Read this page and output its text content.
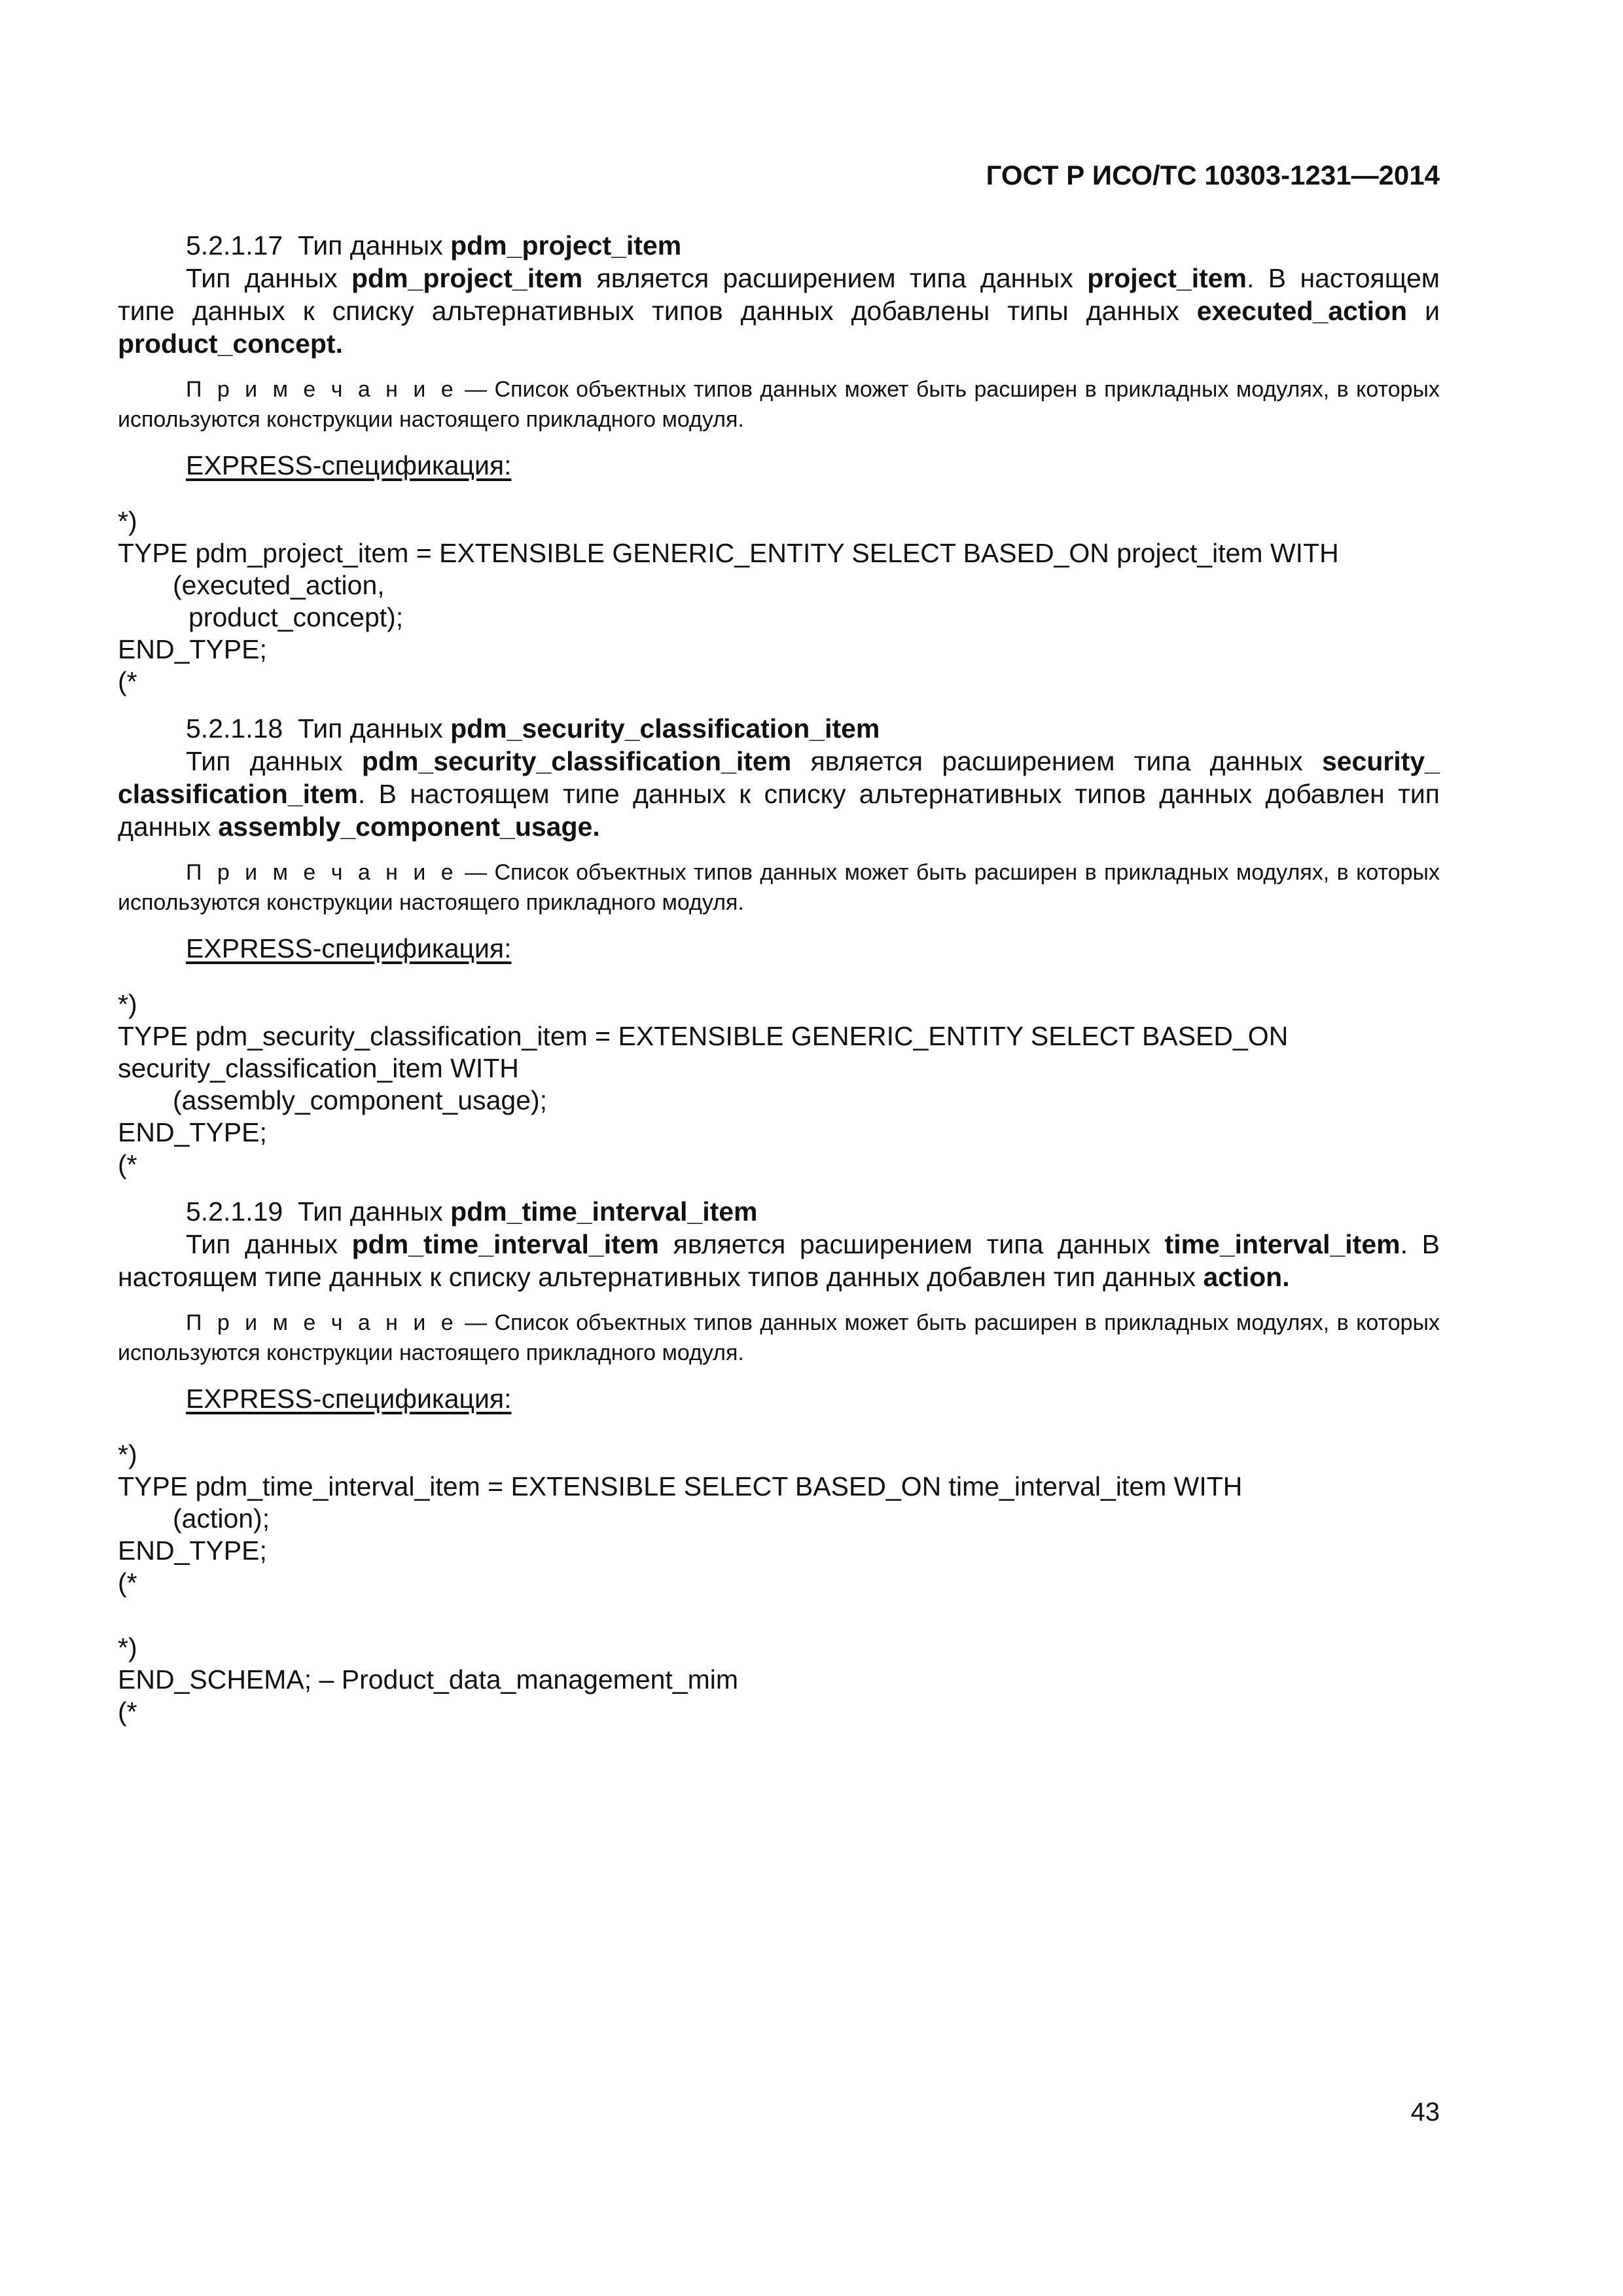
ГОСТ Р ИСО/ТС 10303-1231—2014

5.2.1.17 Тип данных pdm_project_item

Тип данных pdm_project_item является расширением типа данных project_item. В настоящем типе данных к списку альтернативных типов данных добавлены типы данных executed_action и product_concept.

П р и м е ч а н и е — Список объектных типов данных может быть расширен в прикладных модулях, в которых используются конструкции настоящего прикладного модуля.

EXPRESS-спецификация:

*)
TYPE pdm_project_item = EXTENSIBLE GENERIC_ENTITY SELECT BASED_ON project_item WITH
(executed_action,
product_concept);
END_TYPE;
(*

5.2.1.18 Тип данных pdm_security_classification_item

Тип данных pdm_security_classification_item является расширением типа данных security_ classification_item. В настоящем типе данных к списку альтернативных типов данных добавлен тип данных assembly_component_usage.

П р и м е ч а н и е — Список объектных типов данных может быть расширен в прикладных модулях, в которых используются конструкции настоящего прикладного модуля.

EXPRESS-спецификация:

*)
TYPE pdm_security_classification_item = EXTENSIBLE GENERIC_ENTITY SELECT BASED_ON
security_classification_item WITH
(assembly_component_usage);
END_TYPE;
(*

5.2.1.19 Тип данных pdm_time_interval_item

Тип данных pdm_time_interval_item является расширением типа данных time_interval_item. В настоящем типе данных к списку альтернативных типов данных добавлен тип данных action.

П р и м е ч а н и е — Список объектных типов данных может быть расширен в прикладных модулях, в которых используются конструкции настоящего прикладного модуля.

EXPRESS-спецификация:

*)
TYPE pdm_time_interval_item = EXTENSIBLE SELECT BASED_ON time_interval_item WITH
(action);
END_TYPE;
(*
*)
END_SCHEMA; – Product_data_management_mim
(*
43
